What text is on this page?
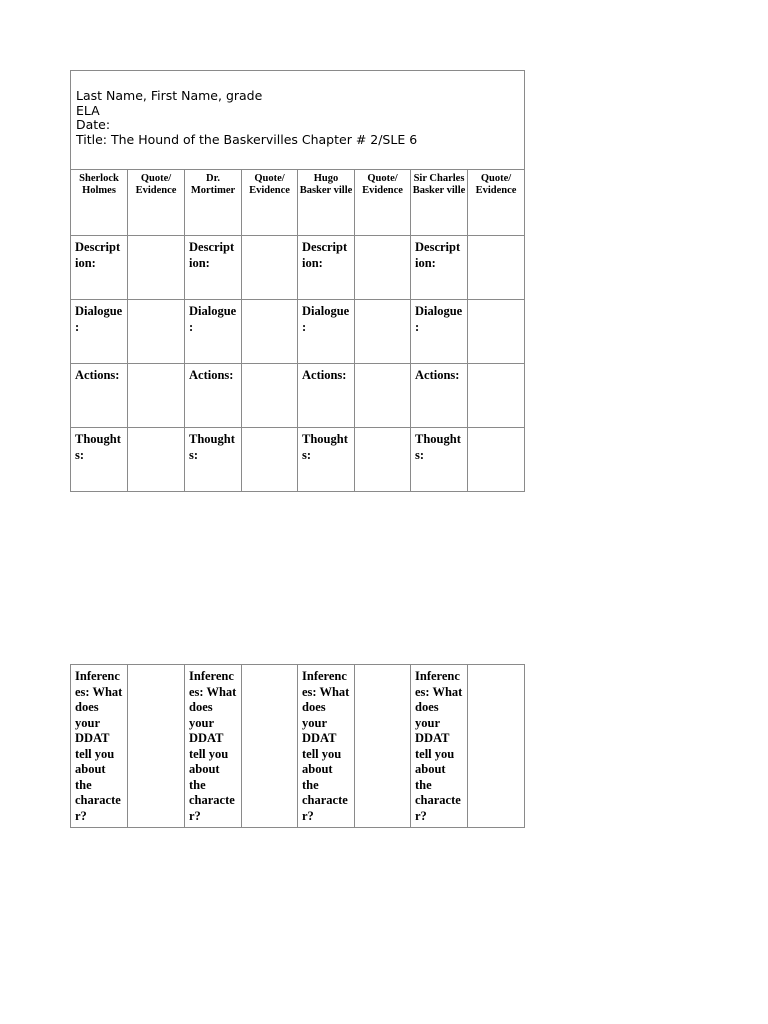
Last Name, First Name, grade
ELA
Date:
Title: The Hound of the Baskervilles Chapter # 2/SLE 6							

Sherlock Holmes	Quote/ Evidence	Dr. Mortimer	Quote/ Evidence	Hugo Basker ville	Quote/ Evidence	Sir Charles Basker ville	Quote/ Evidence
Descript ion:		Descript ion:		Descript ion:		Descript ion:	
Dialogue :		Dialogue :		Dialogue :		Dialogue :	
Actions:		Actions:		Actions:		Actions:	
Thought s:		Thought s:		Thought s:		Thought s:	
Inferenc es: What does your DDAT tell you about the characte r?		Inferenc es: What does your DDAT tell you about the characte r?		Inferenc es: What does your DDAT tell you about the characte r?		Inferenc es: What does your DDAT tell you about the characte r?	
